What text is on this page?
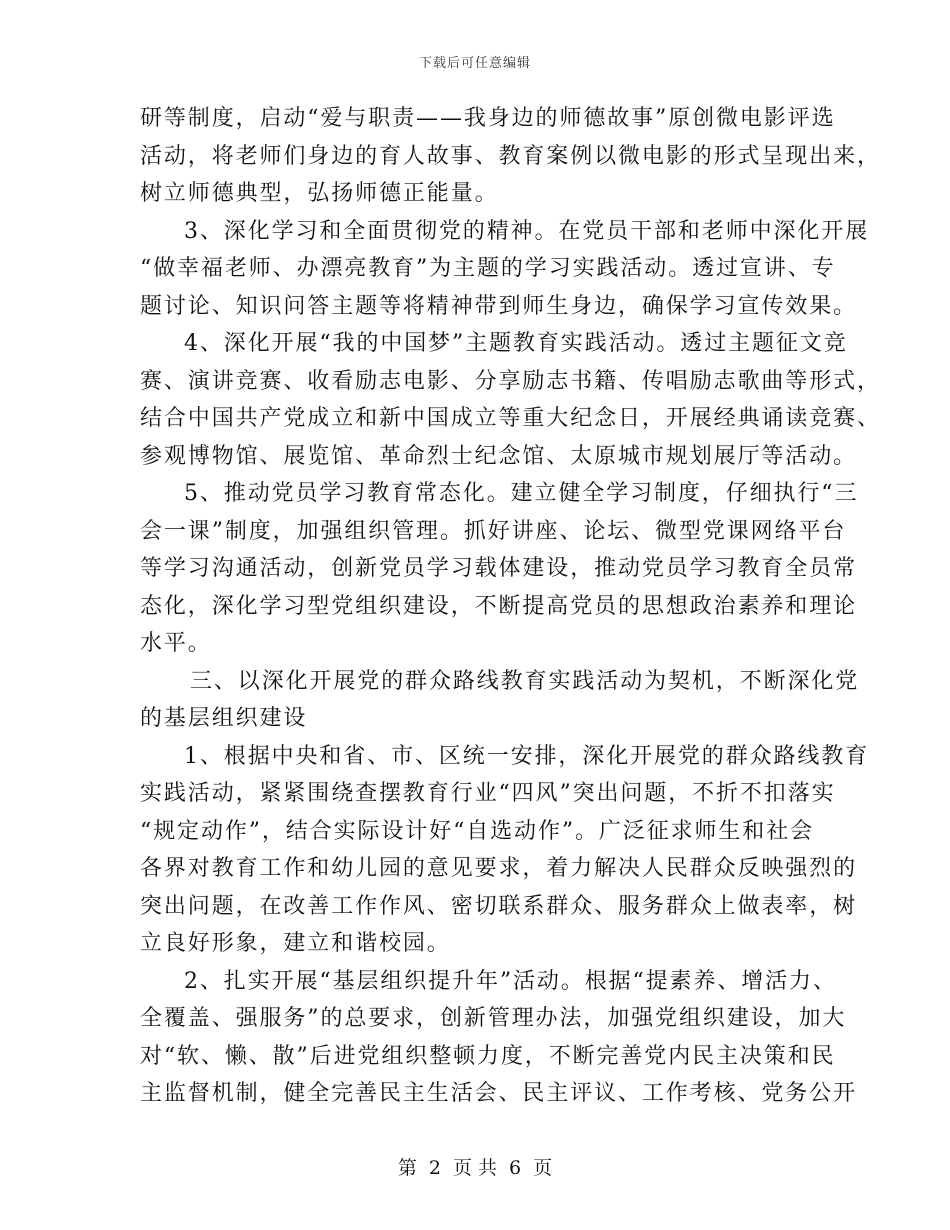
下载后可任意编辑
研等制度，启动“爱与职责——我身边的师德故事”原创微电影评选
活动，将老师们身边的育人故事、教育案例以微电影的形式呈现出来，
树立师德典型，弘扬师德正能量。
3、深化学习和全面贯彻党的精神。在党员干部和老师中深化开展
“做幸福老师、办漂亮教育”为主题的学习实践活动。透过宣讲、专
题讨论、知识问答主题等将精神带到师生身边，确保学习宣传效果。
4、深化开展“我的中国梦”主题教育实践活动。透过主题征文竞
赛、演讲竞赛、收看励志电影、分享励志书籍、传唱励志歌曲等形式，
结合中国共产党成立和新中国成立等重大纪念日，开展经典诵读竞赛、
参观博物馆、展览馆、革命烈士纪念馆、太原城市规划展厅等活动。
5、推动党员学习教育常态化。建立健全学习制度，仔细执行“三
会一课”制度，加强组织管理。抓好讲座、论坛、微型党课网络平台
等学习沟通活动，创新党员学习载体建设，推动党员学习教育全员常
态化，深化学习型党组织建设，不断提高党员的思想政治素养和理论
水平。
三、以深化开展党的群众路线教育实践活动为契机，不断深化党
的基层组织建设
1、根据中央和省、市、区统一安排，深化开展党的群众路线教育
实践活动，紧紧围绕查摆教育行业“四风”突出问题，不折不扣落实
“规定动作”，结合实际设计好“自选动作”。广泛征求师生和社会
各界对教育工作和幼儿园的意见要求，着力解决人民群众反映强烈的
突出问题，在改善工作作风、密切联系群众、服务群众上做表率，树
立良好形象，建立和谐校园。
2、扎实开展“基层组织提升年”活动。根据“提素养、增活力、
全覆盖、强服务”的总要求，创新管理办法，加强党组织建设，加大
对“软、懒、散”后进党组织整顿力度，不断完善党内民主决策和民
主监督机制，健全完善民主生活会、民主评议、工作考核、党务公开
第 2 页 共 6 页
